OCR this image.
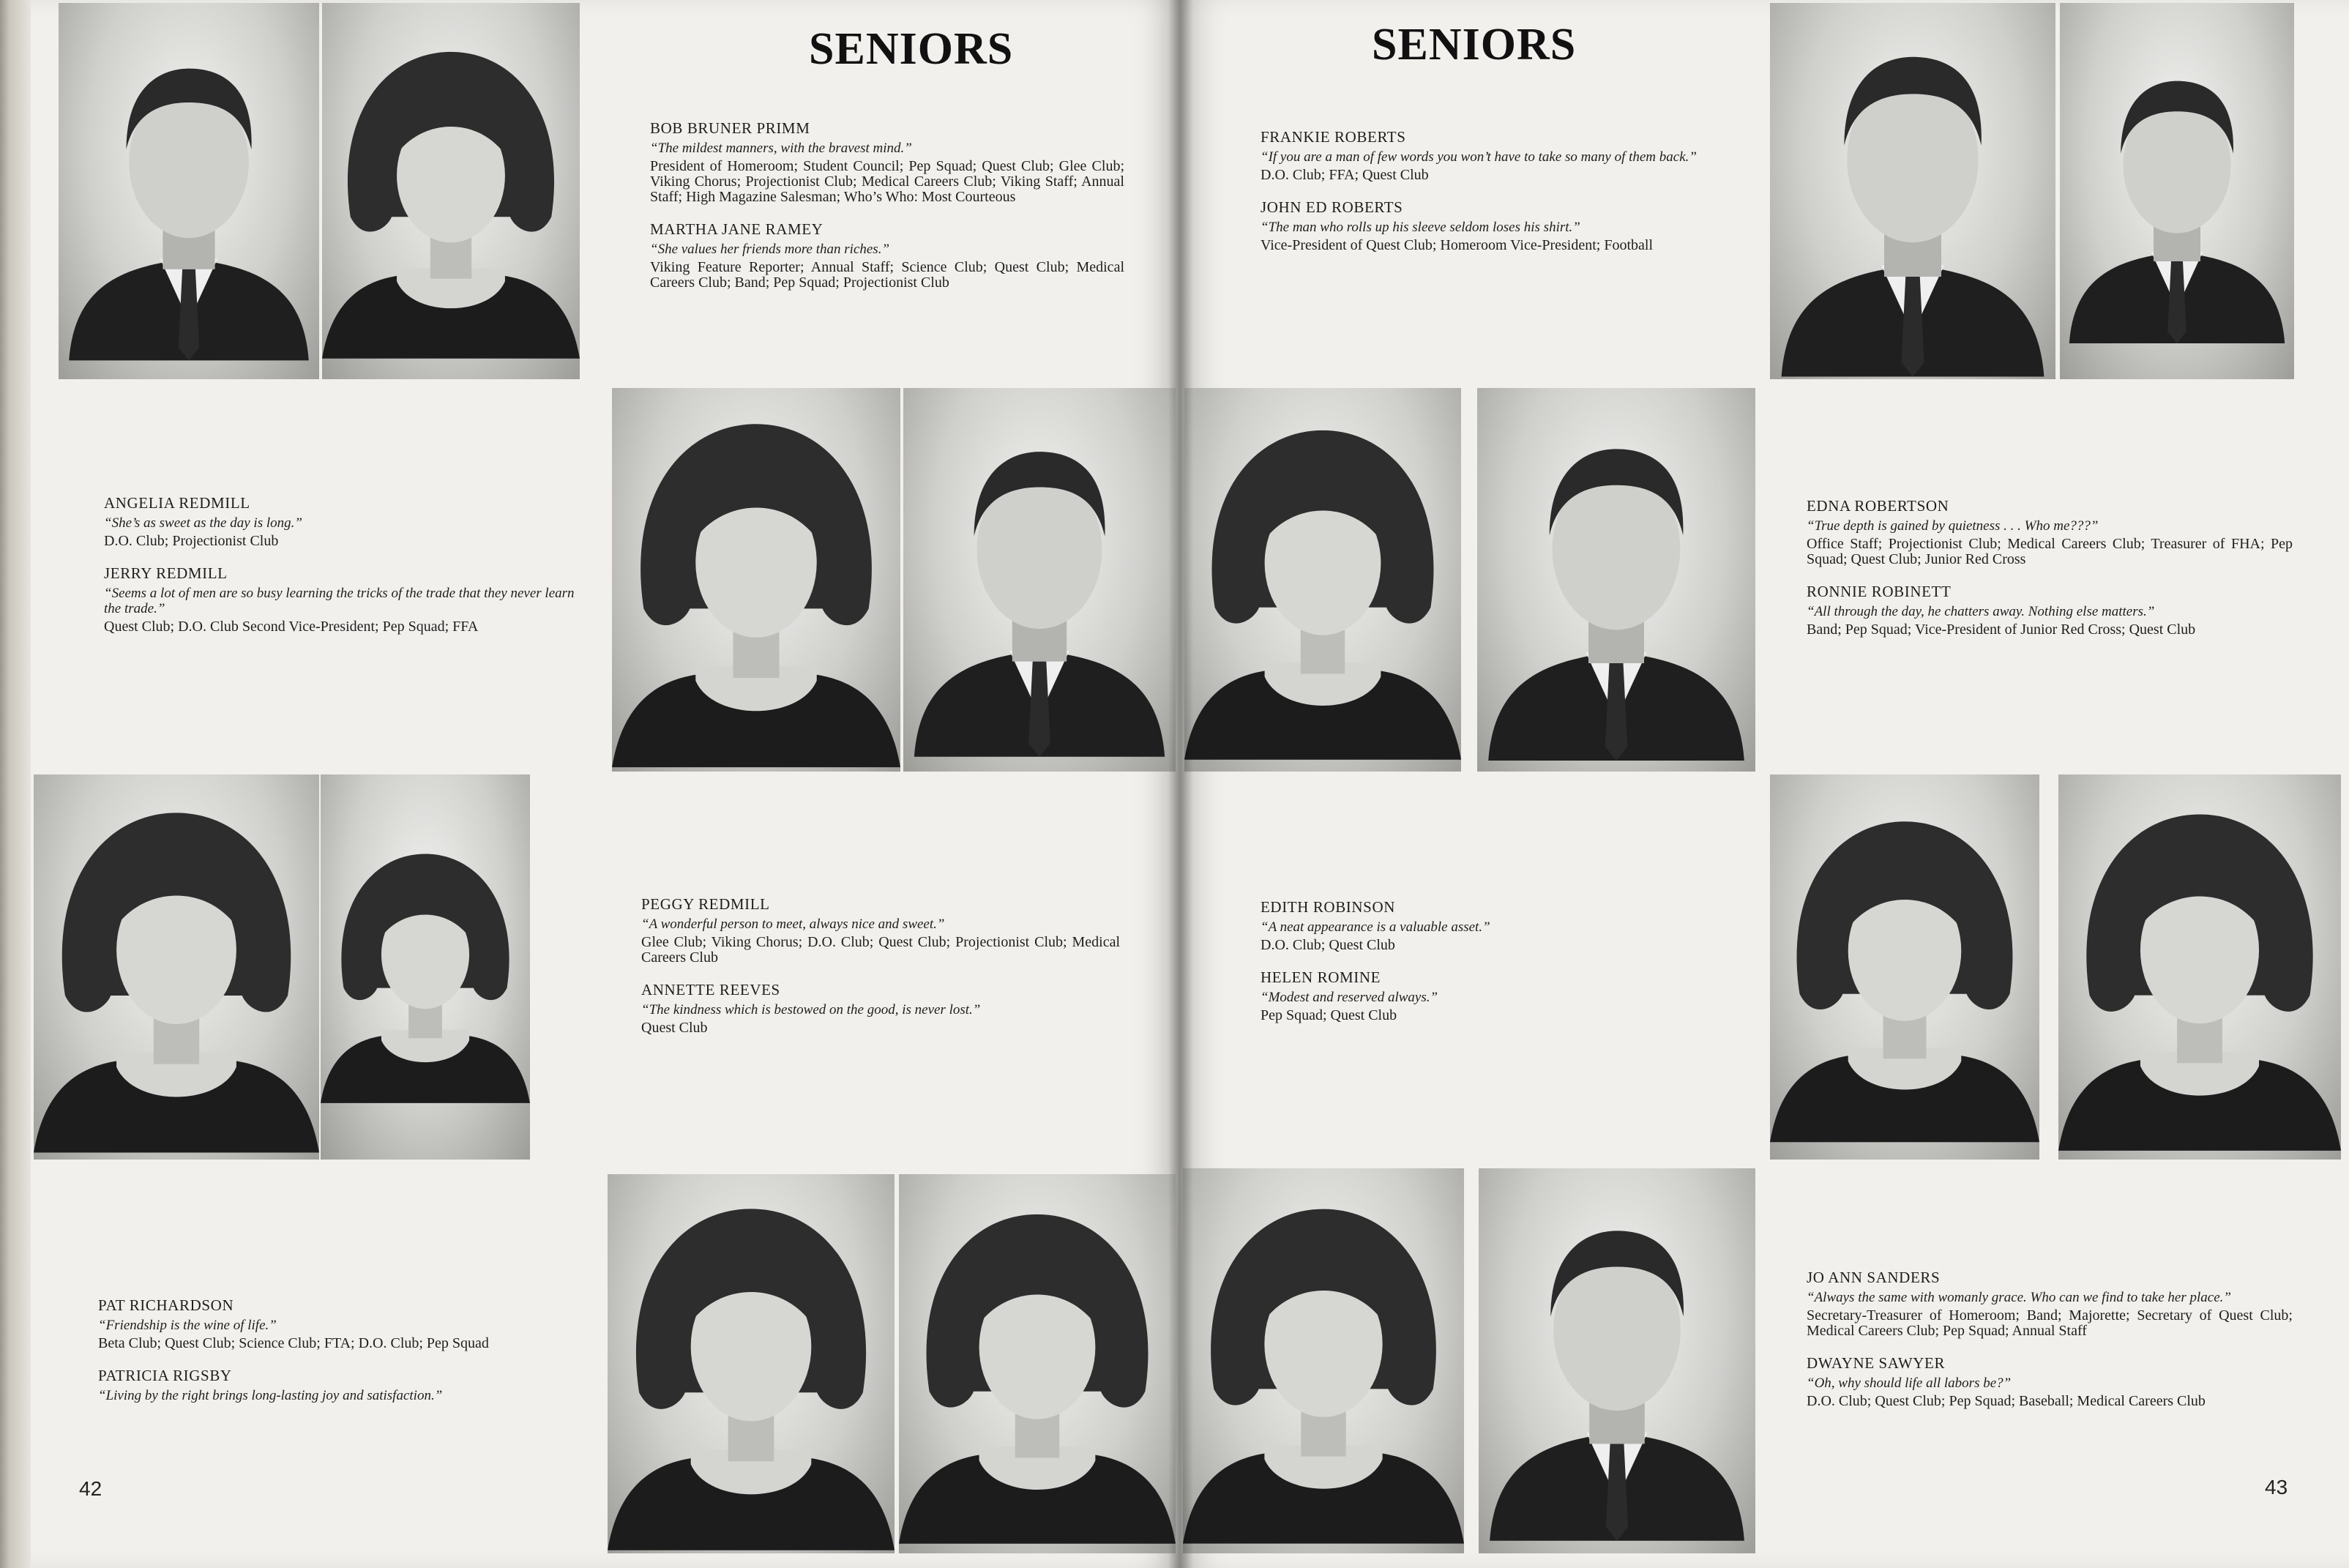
SENIORS
BOB BRUNER PRIMM
“The mildest manners, with the bravest mind.”
President of Homeroom; Student Council; Pep Squad; Quest Club; Glee Club; Viking Chorus; Projectionist Club; Medical Careers Club; Viking Staff; Annual Staff; High Magazine Salesman; Who’s Who: Most Courteous
MARTHA JANE RAMEY
“She values her friends more than riches.”
Viking Feature Reporter; Annual Staff; Science Club; Quest Club; Medical Careers Club; Band; Pep Squad; Projectionist Club
ANGELIA REDMILL
“She’s as sweet as the day is long.”
D.O. Club; Projectionist Club
JERRY REDMILL
“Seems a lot of men are so busy learning the tricks of the trade that they never learn the trade.”
Quest Club; D.O. Club Second Vice-President; Pep Squad; FFA
PEGGY REDMILL
“A wonderful person to meet, always nice and sweet.”
Glee Club; Viking Chorus; D.O. Club; Quest Club; Projectionist Club; Medical Careers Club
ANNETTE REEVES
“The kindness which is bestowed on the good, is never lost.”
Quest Club
PAT RICHARDSON
“Friendship is the wine of life.”
Beta Club; Quest Club; Science Club; FTA; D.O. Club; Pep Squad
PATRICIA RIGSBY
“Living by the right brings long-lasting joy and satisfaction.”
42
SENIORS
FRANKIE ROBERTS
“If you are a man of few words you won’t have to take so many of them back.”
D.O. Club; FFA; Quest Club
JOHN ED ROBERTS
“The man who rolls up his sleeve seldom loses his shirt.”
Vice-President of Quest Club; Homeroom Vice-President; Football
EDNA ROBERTSON
“True depth is gained by quietness . . . Who me???”
Office Staff; Projectionist Club; Medical Careers Club; Treasurer of FHA; Pep Squad; Quest Club; Junior Red Cross
RONNIE ROBINETT
“All through the day, he chatters away. Nothing else matters.”
Band; Pep Squad; Vice-President of Junior Red Cross; Quest Club
EDITH ROBINSON
“A neat appearance is a valuable asset.”
D.O. Club; Quest Club
HELEN ROMINE
“Modest and reserved always.”
Pep Squad; Quest Club
JO ANN SANDERS
“Always the same with womanly grace. Who can we find to take her place.”
Secretary-Treasurer of Homeroom; Band; Majorette; Secretary of Quest Club; Medical Careers Club; Pep Squad; Annual Staff
DWAYNE SAWYER
“Oh, why should life all labors be?”
D.O. Club; Quest Club; Pep Squad; Baseball; Medical Careers Club
43
